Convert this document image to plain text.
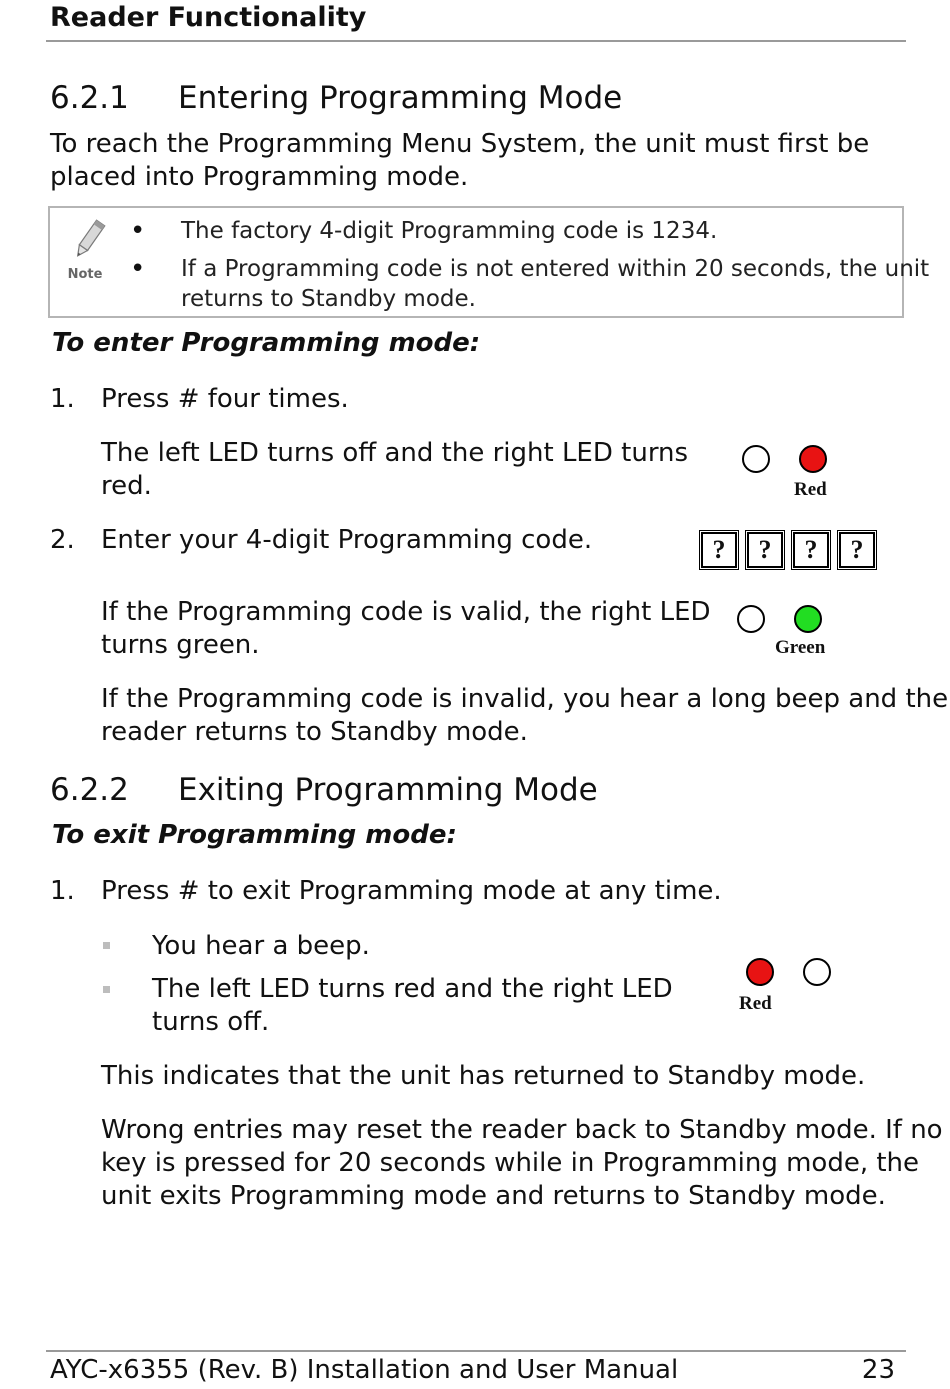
Reader Functionality
6.2.1 Entering Programming Mode
To reach the Programming Menu System, the unit must first be
placed into Programming mode.
Note
• The factory 4-digit Programming code is 1234.
• If a Programming code is not entered within 20 seconds, the unit
returns to Standby mode.
To enter Programming mode:
1. Press # four times.
The left LED turns off and the right LED turns
red.	Red
2. Enter your 4-digit Programming code.	?	?	?	?
If the Programming code is valid, the right LED
turns green.	Green
If the Programming code is invalid, you hear a long beep and the
reader returns to Standby mode.
6.2.2 Exiting Programming Mode
To exit Programming mode:
1. Press # to exit Programming mode at any time.
You hear a beep.
The left LED turns red and the right LED
turns off.
Red
This indicates that the unit has returned to Standby mode.
Wrong entries may reset the reader back to Standby mode. If no
key is pressed for 20 seconds while in Programming mode, the
unit exits Programming mode and returns to Standby mode.
AYC-x6355 (Rev. B) Installation and User Manual	23
